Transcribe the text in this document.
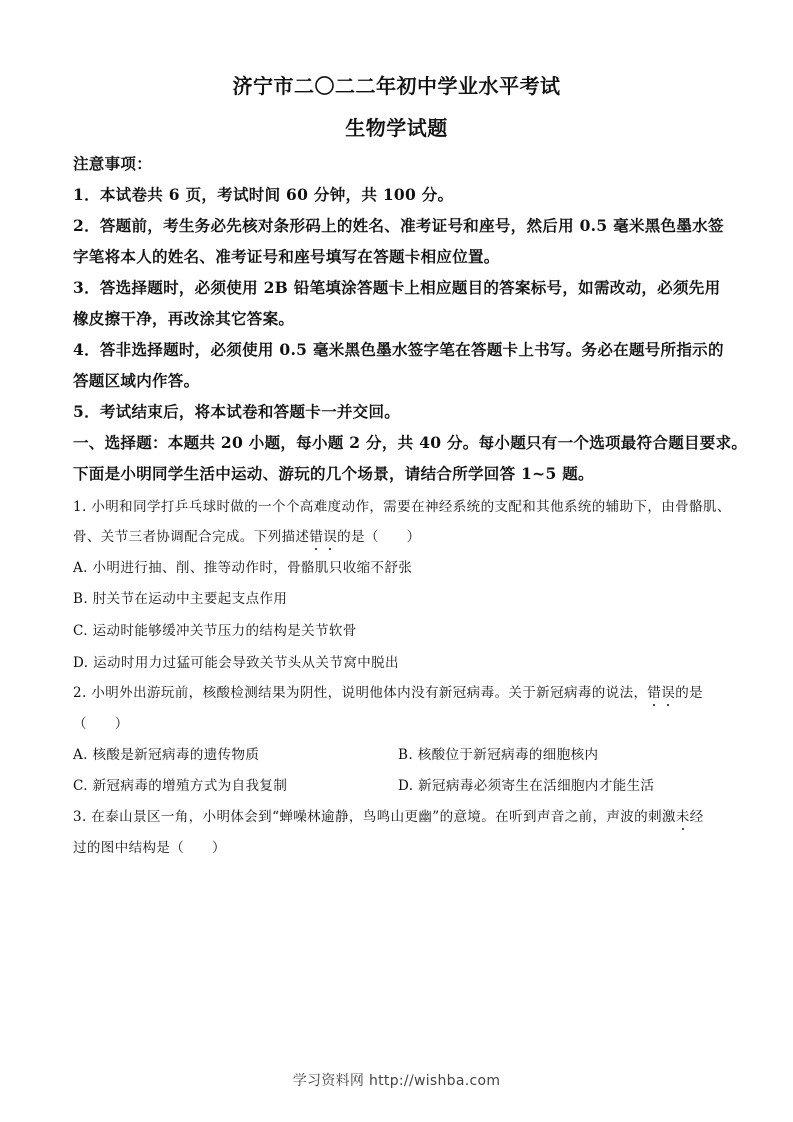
济宁市二〇二二年初中学业水平考试
生物学试题
注意事项：
1．本试卷共 6 页，考试时间 60 分钟，共 100 分。
2．答题前，考生务必先核对条形码上的姓名、准考证号和座号，然后用 0.5 毫米黑色墨水签
字笔将本人的姓名、准考证号和座号填写在答题卡相应位置。
3．答选择题时，必须使用 2B 铅笔填涂答题卡上相应题目的答案标号，如需改动，必须先用
橡皮擦干净，再改涂其它答案。
4．答非选择题时，必须使用 0.5 毫米黑色墨水签字笔在答题卡上书写。务必在题号所指示的
答题区域内作答。
5．考试结束后，将本试卷和答题卡一并交回。
一、选择题：本题共 20 小题，每小题 2 分，共 40 分。每小题只有一个选项最符合题目要求。
下面是小明同学生活中运动、游玩的几个场景，请结合所学回答 1~5 题。
1. 小明和同学打乒乓球时做的一个个高难度动作，需要在神经系统的支配和其他系统的辅助下，由骨骼肌、
骨、关节三者协调配合完成。下列描述错误的是（　　）
A. 小明进行抽、削、推等动作时，骨骼肌只收缩不舒张
B. 肘关节在运动中主要起支点作用
C. 运动时能够缓冲关节压力的结构是关节软骨
D. 运动时用力过猛可能会导致关节头从关节窝中脱出
2. 小明外出游玩前，核酸检测结果为阴性，说明他体内没有新冠病毒。关于新冠病毒的说法，错误的是
（　　）
A. 核酸是新冠病毒的遗传物质	B. 核酸位于新冠病毒的细胞核内
C. 新冠病毒的增殖方式为自我复制	D. 新冠病毒必须寄生在活细胞内才能生活
3. 在泰山景区一角，小明体会到“蝉噪林逾静，鸟鸣山更幽”的意境。在听到声音之前，声波的刺激未经
过的图中结构是（　　）
学习资料网 http://wishba.com
